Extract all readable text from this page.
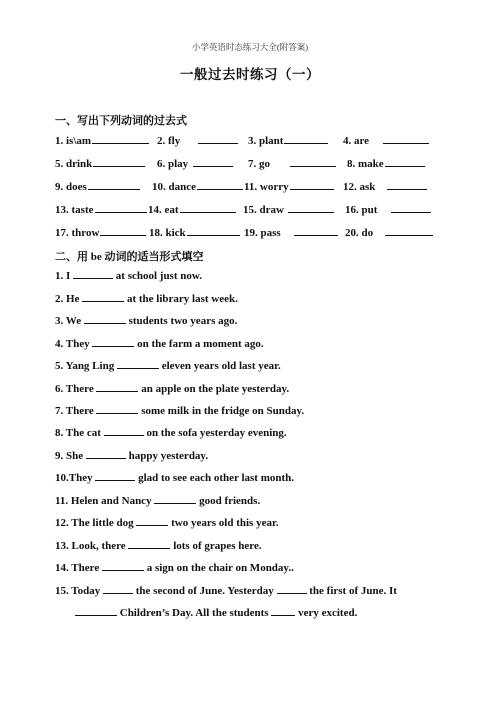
小学英语时态练习大全(附答案)
一般过去时练习（一）
一、写出下列动词的过去式
1. is\am	2. fly	3. plant	4. are
5. drink	6. play	7. go	8. make
9. does	10. dance	11. worry	12. ask
13. taste	14. eat	15. draw	16. put
17. throw	18. kick	19. pass	20. do
二、用 be 动词的适当形式填空
1. I	at school just now.
2. He	at the library last week.
3. We	students two years ago.
4. They	on the farm a moment ago.
5. Yang Ling	eleven years old last year.
6. There	an apple on the plate yesterday.
7. There	some milk in the fridge on Sunday.
8. The cat	on the sofa yesterday evening.
9. She	happy yesterday.
10.They	glad to see each other last month.
11. Helen and Nancy	good friends.
12. The little dog	two years old this year.
13. Look, there	lots of grapes here.
14. There	a sign on the chair on Monday..
15. Today	the second of June. Yesterday	the first of June. It
Children’s Day. All the students	very excited.
